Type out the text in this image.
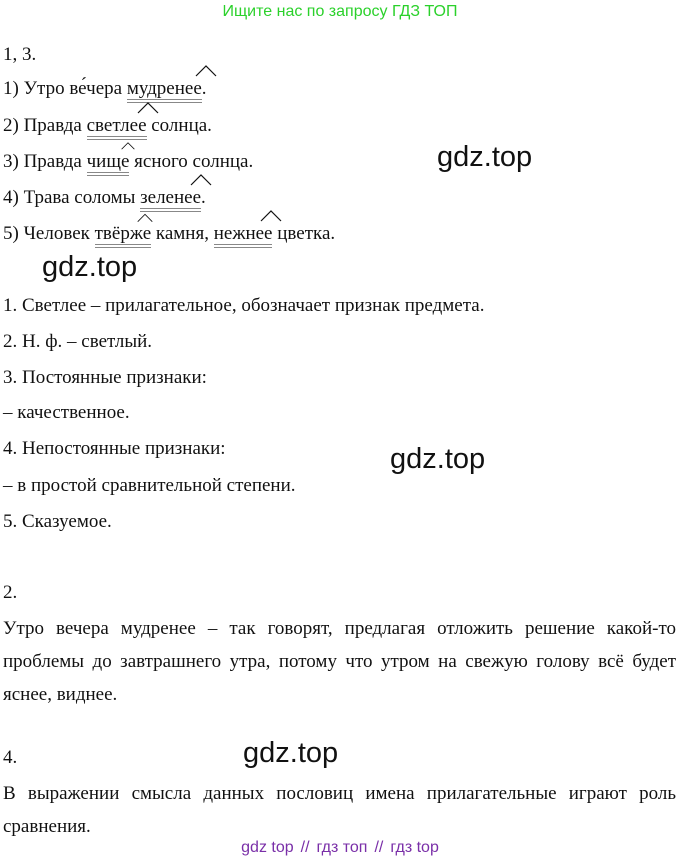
Ищите нас по запросу ГДЗ ТОП
1, 3.
1) Утро ве́чера мудренее.
2) Правда светлее солнца.
3) Правда чище ясного солнца.
4) Трава соломы зеленее.
5) Человек твёрже камня, нежнее цветка.
1. Светлее – прилагательное, обозначает признак предмета.
2. Н. ф. – светлый.
3. Постоянные признаки:
– качественное.
4. Непостоянные признаки:
– в простой сравнительной степени.
5. Сказуемое.
2.
Утро вечера мудренее – так говорят, предлагая отложить решение какой-то проблемы до завтрашнего утра, потому что утром на свежую голову всё будет яснее, виднее.
4.
В выражении смысла данных пословиц имена прилагательные играют роль сравнения.
gdz.top
gdz.top
gdz.top
gdz.top
gdz top // гдз топ // гдз top
